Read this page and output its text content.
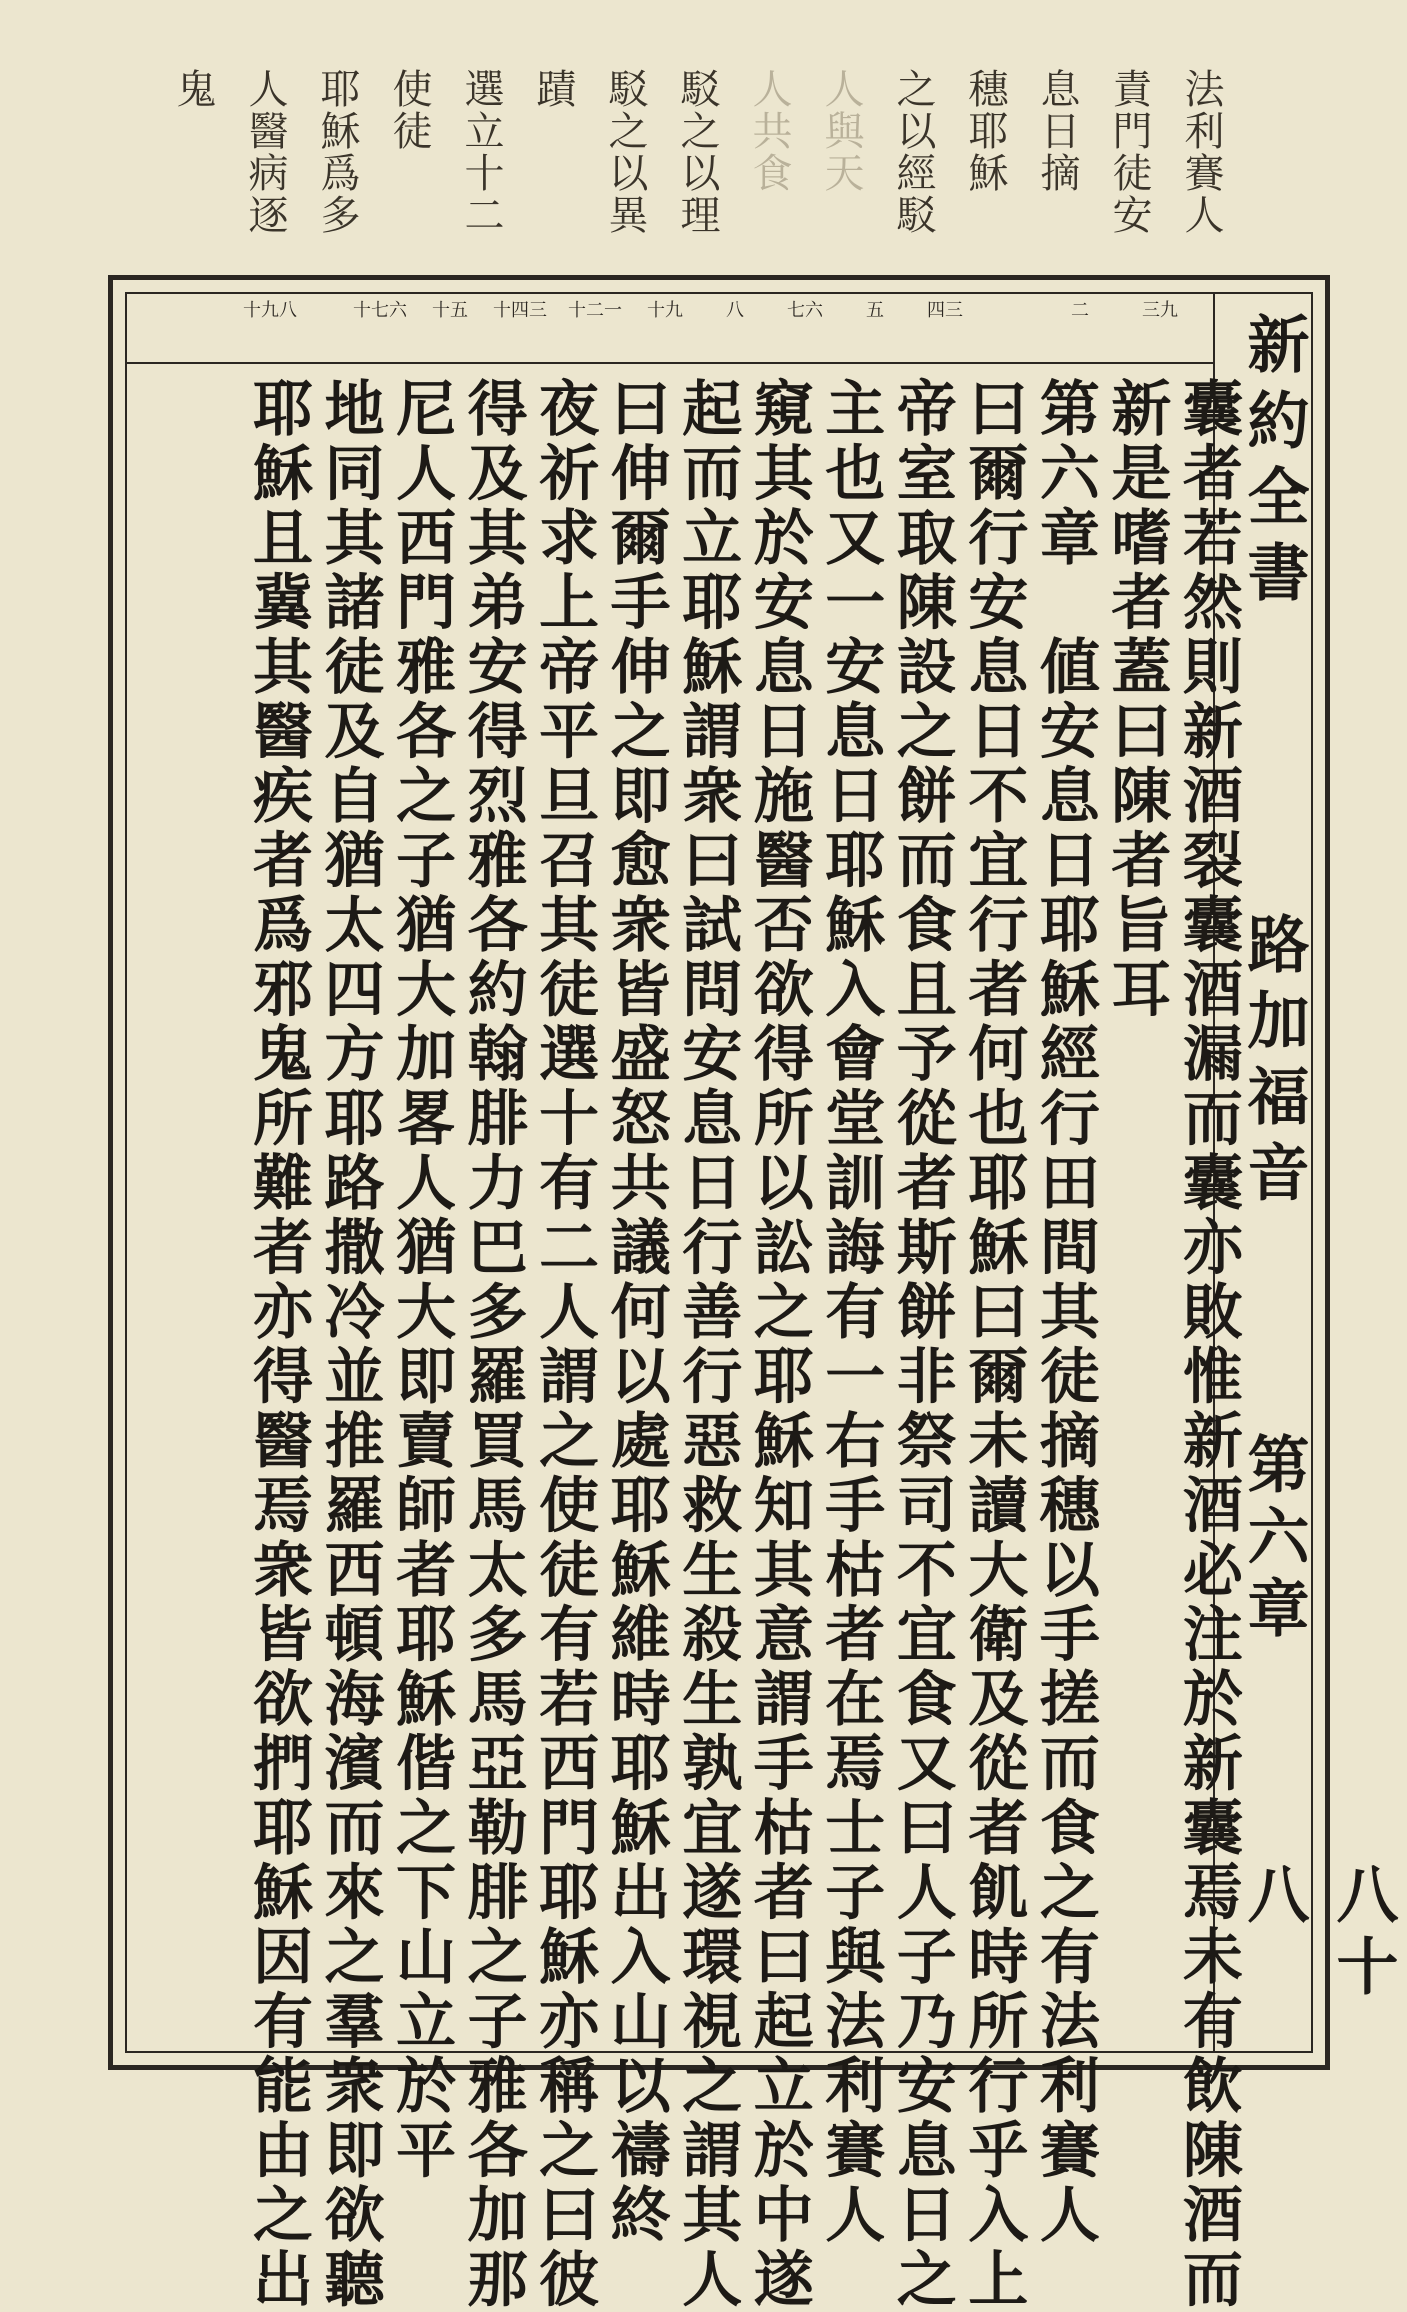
法利賽人
責門徒安
息日摘
穗耶穌
之以經駁
人與天
人共食
駁之以理
駁之以異
蹟
選立十二
使徒
耶穌爲多
人醫病逐
鬼
新約全書
路加福音
第六章
八十八
三九
二
四三
五
七六
八
十九
十二一
十四三
十五
十七六
十九八
囊者若然則新酒裂囊酒漏而囊亦敗惟新酒必注於新囊焉未有飲陳酒而
新是嗜者蓋曰陳者旨耳
第六章　値安息日耶穌經行田間其徒摘穗以手搓而食之有法利賽人
曰爾行安息日不宜行者何也耶穌曰爾未讀大衛及從者飢時所行乎入上
帝室取陳設之餅而食且予從者斯餅非祭司不宜食又曰人子乃安息日之
主也又一安息日耶穌入會堂訓誨有一右手枯者在焉士子與法利賽人
窺其於安息日施醫否欲得所以訟之耶穌知其意謂手枯者曰起立於中遂
起而立耶穌謂衆曰試問安息日行善行惡救生殺生孰宜遂環視之謂其人
曰伸爾手伸之即愈衆皆盛怒共議何以處耶穌維時耶穌出入山以禱終
夜祈求上帝平旦召其徒選十有二人謂之使徒有若西門耶穌亦稱之曰彼
得及其弟安得烈雅各約翰腓力巴多羅買馬太多馬亞勒腓之子雅各加那
尼人西門雅各之子猶大加畧人猶大即賣師者耶穌偕之下山立於平
地同其諸徒及自猶太四方耶路撒冷並推羅西頓海濱而來之羣衆即欲聽
耶穌且冀其醫疾者爲邪鬼所難者亦得醫焉衆皆欲捫耶穌因有能由之出
